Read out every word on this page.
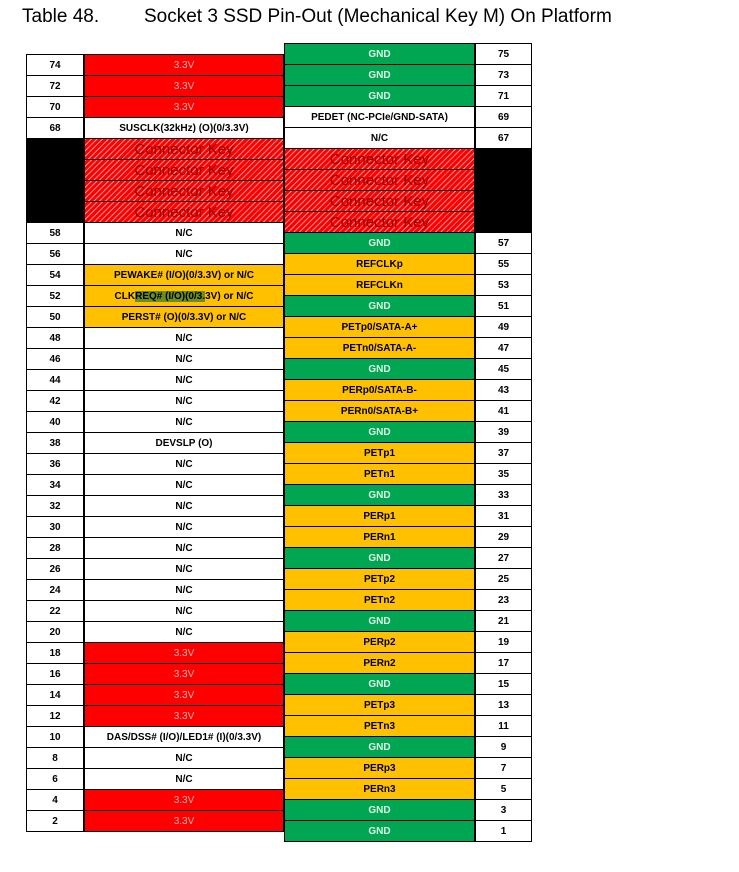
Table 48. Socket 3 SSD Pin-Out (Mechanical Key M) On Platform
74	3.3V
72	3.3V
70	3.3V
68	SUSCLK(32kHz) (O)(0/3.3V)
Connector Key
Connector Key
Connector Key
Connector Key
58	N/C
56	N/C
54	PEWAKE# (I/O)(0/3.3V) or N/C
52	CLK REQ# (I/O)(0/3. 3V) or N/C
50	PERST# (O)(0/3.3V) or N/C
48	N/C
46	N/C
44	N/C
42	N/C
40	N/C
38	DEVSLP (O)
36	N/C
34	N/C
32	N/C
30	N/C
28	N/C
26	N/C
24	N/C
22	N/C
20	N/C
18	3.3V
16	3.3V
14	3.3V
12	3.3V
10	DAS/DSS# (I/O)/LED1# (I)(0/3.3V)
8	N/C
6	N/C
4	3.3V
2	3.3V
GND	75
GND	73
GND	71
PEDET (NC-PCIe/GND-SATA)	69
N/C	67
Connector Key
Connector Key
Connector Key
Connector Key
GND	57
REFCLKp	55
REFCLKn	53
GND	51
PETp0/SATA-A+	49
PETn0/SATA-A-	47
GND	45
PERp0/SATA-B-	43
PERn0/SATA-B+	41
GND	39
PETp1	37
PETn1	35
GND	33
PERp1	31
PERn1	29
GND	27
PETp2	25
PETn2	23
GND	21
PERp2	19
PERn2	17
GND	15
PETp3	13
PETn3	11
GND	9
PERp3	7
PERn3	5
GND	3
GND	1
